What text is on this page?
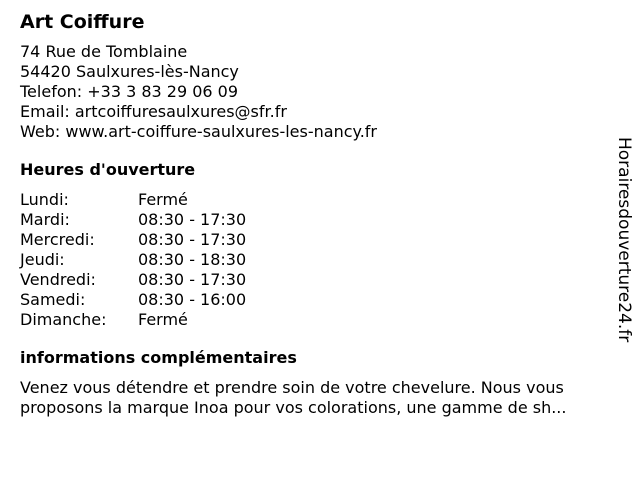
Art Coiffure
74 Rue de Tomblaine
54420 Saulxures-lès-Nancy
Telefon: +33 3 83 29 06 09
Email: artcoiffuresaulxures@sfr.fr
Web: www.art-coiffure-saulxures-les-nancy.fr
Heures d'ouverture
Lundi:	Fermé
Mardi:	08:30 - 17:30
Mercredi:	08:30 - 17:30
Jeudi:	08:30 - 18:30
Vendredi:	08:30 - 17:30
Samedi:	08:30 - 16:00
Dimanche:	Fermé
informations complémentaires
Venez vous détendre et prendre soin de votre chevelure. Nous vous proposons la marque Inoa pour vos colorations, une gamme de sh...
Horairesdouverture24.fr
